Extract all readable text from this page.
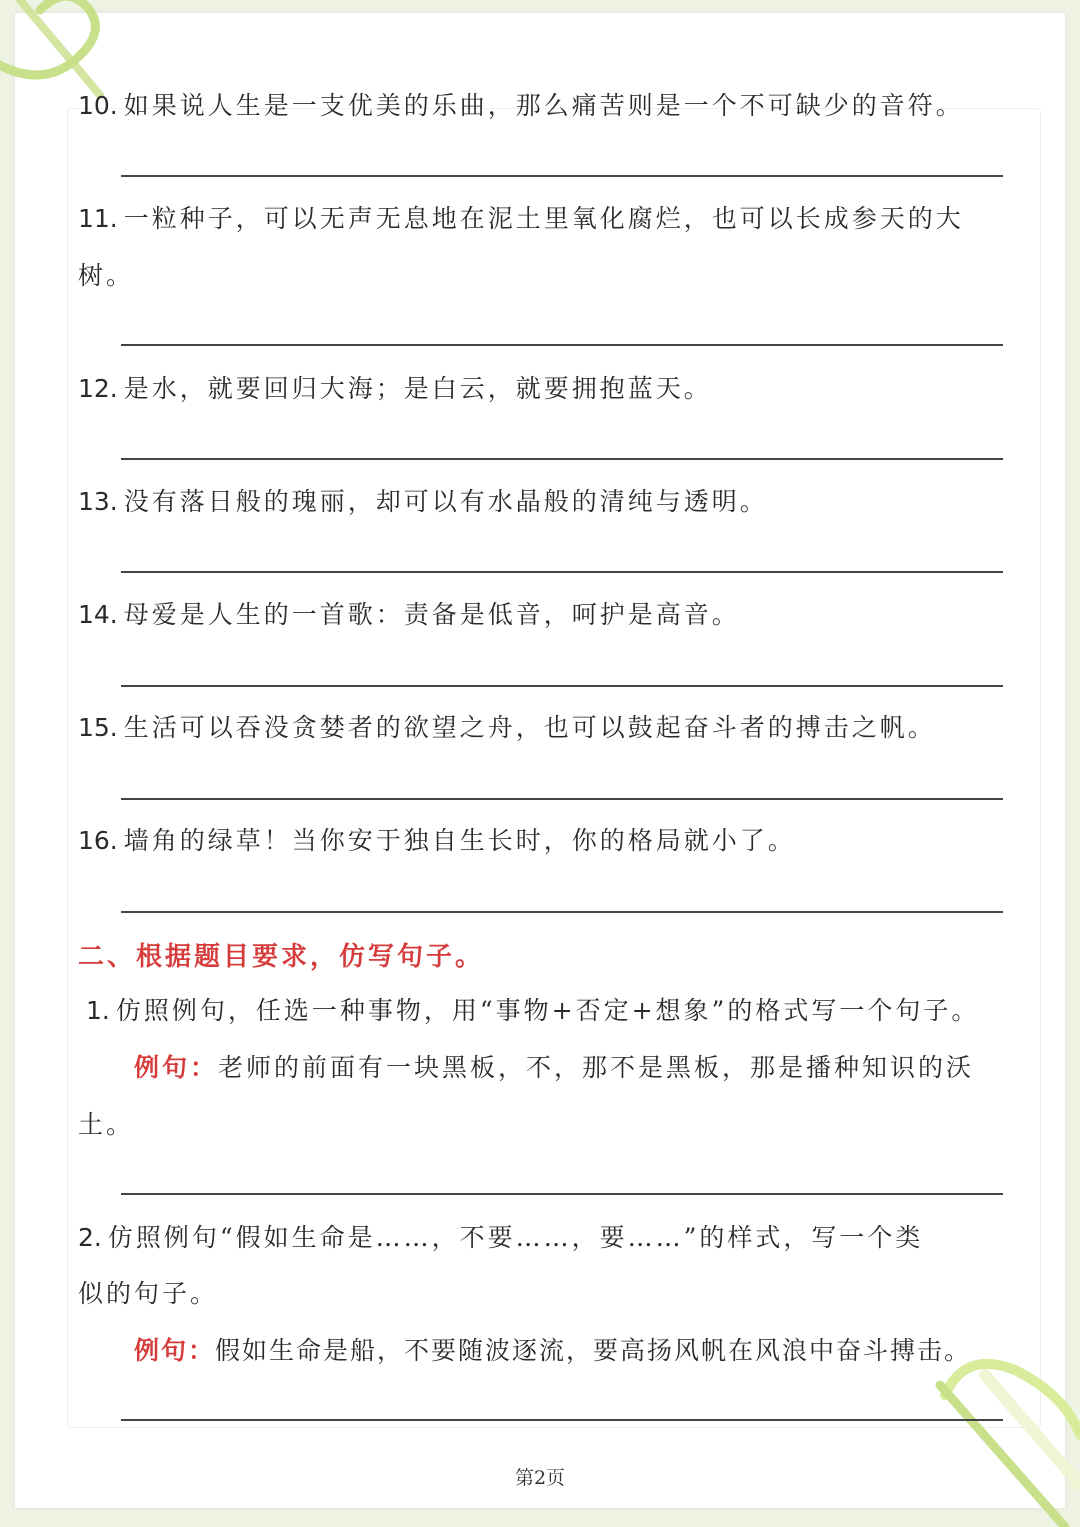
10. 如果说人生是一支优美的乐曲，那么痛苦则是一个不可缺少的音符。
11. 一粒种子，可以无声无息地在泥土里氧化腐烂，也可以长成参天的大
树。
12. 是水，就要回归大海；是白云，就要拥抱蓝天。
13. 没有落日般的瑰丽，却可以有水晶般的清纯与透明。
14. 母爱是人生的一首歌：责备是低音，呵护是高音。
15. 生活可以吞没贪婪者的欲望之舟，也可以鼓起奋斗者的搏击之帆。
16. 墙角的绿草！当你安于独自生长时，你的格局就小了。
二、根据题目要求，仿写句子。
1. 仿照例句，任选一种事物，用“事物+否定+想象”的格式写一个句子。
例句：老师的前面有一块黑板，不，那不是黑板，那是播种知识的沃
土。
2. 仿照例句“假如生命是……，不要……，要……”的样式，写一个类
似的句子。
例句：假如生命是船，不要随波逐流，要高扬风帆在风浪中奋斗搏击。
第2页
